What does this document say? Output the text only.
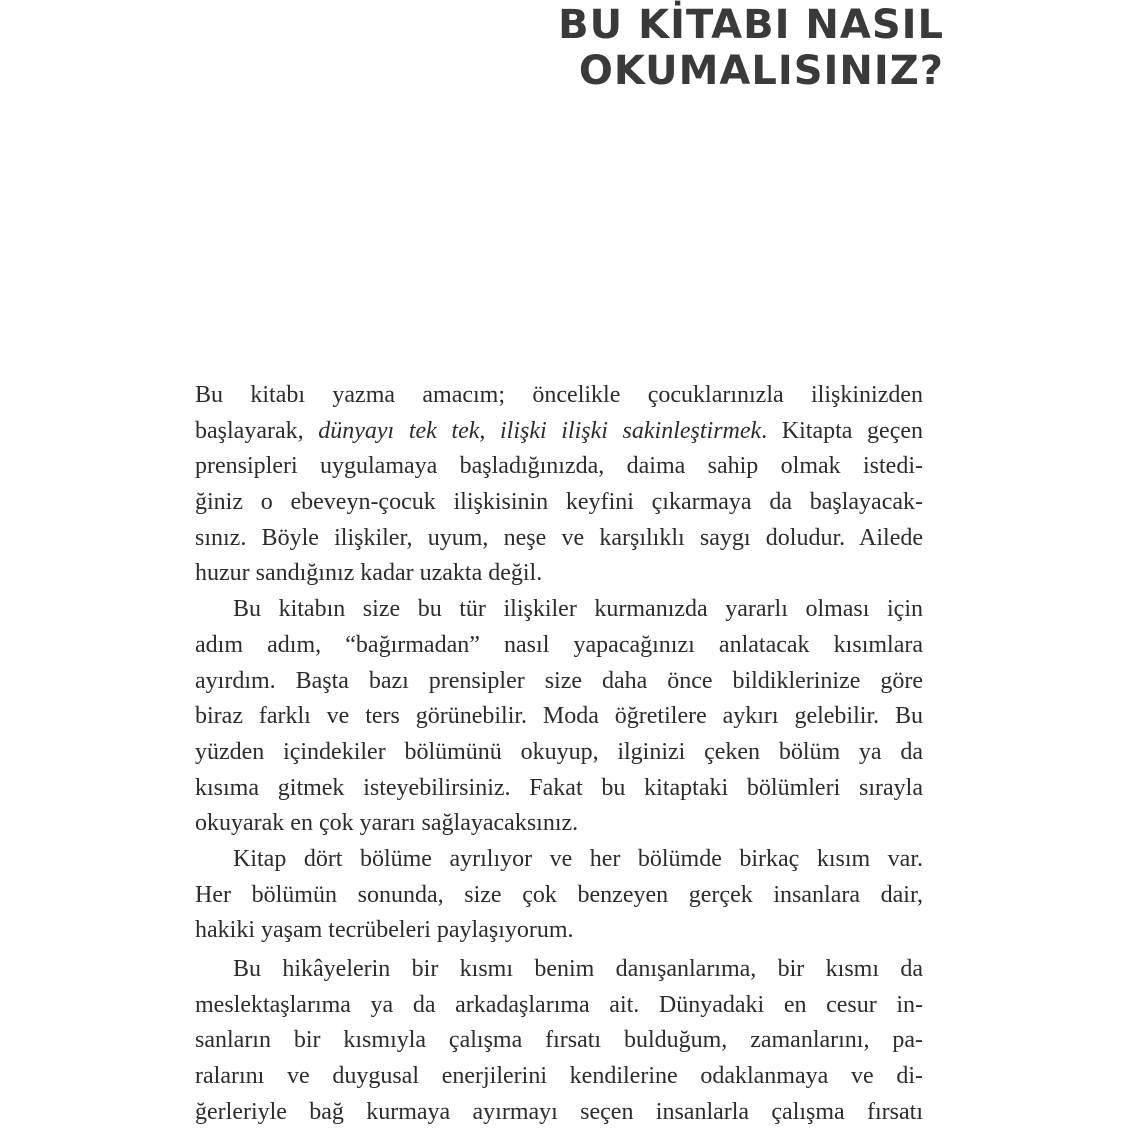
BU KİTABI NASIL
OKUMALISINIZ?
Bu kitabı yazma amacım; öncelikle çocuklarınızla ilişkinizden
başlayarak, dünyayı tek tek, ilişki ilişki sakinleştirmek. Kitapta geçen
prensipleri uygulamaya başladığınızda, daima sahip olmak istedi-
ğiniz o ebeveyn-çocuk ilişkisinin keyfini çıkarmaya da başlayacak-
sınız. Böyle ilişkiler, uyum, neşe ve karşılıklı saygı doludur. Ailede
huzur sandığınız kadar uzakta değil.
Bu kitabın size bu tür ilişkiler kurmanızda yararlı olması için
adım adım, “bağırmadan” nasıl yapacağınızı anlatacak kısımlara
ayırdım. Başta bazı prensipler size daha önce bildiklerinize göre
biraz farklı ve ters görünebilir. Moda öğretilere aykırı gelebilir. Bu
yüzden içindekiler bölümünü okuyup, ilginizi çeken bölüm ya da
kısıma gitmek isteyebilirsiniz. Fakat bu kitaptaki bölümleri sırayla
okuyarak en çok yararı sağlayacaksınız.
Kitap dört bölüme ayrılıyor ve her bölümde birkaç kısım var.
Her bölümün sonunda, size çok benzeyen gerçek insanlara dair,
hakiki yaşam tecrübeleri paylaşıyorum.
Bu hikâyelerin bir kısmı benim danışanlarıma, bir kısmı da
meslektaşlarıma ya da arkadaşlarıma ait. Dünyadaki en cesur in-
sanların bir kısmıyla çalışma fırsatı bulduğum, zamanlarını, pa-
ralarını ve duygusal enerjilerini kendilerine odaklanmaya ve di-
ğerleriyle bağ kurmaya ayırmayı seçen insanlarla çalışma fırsatı
